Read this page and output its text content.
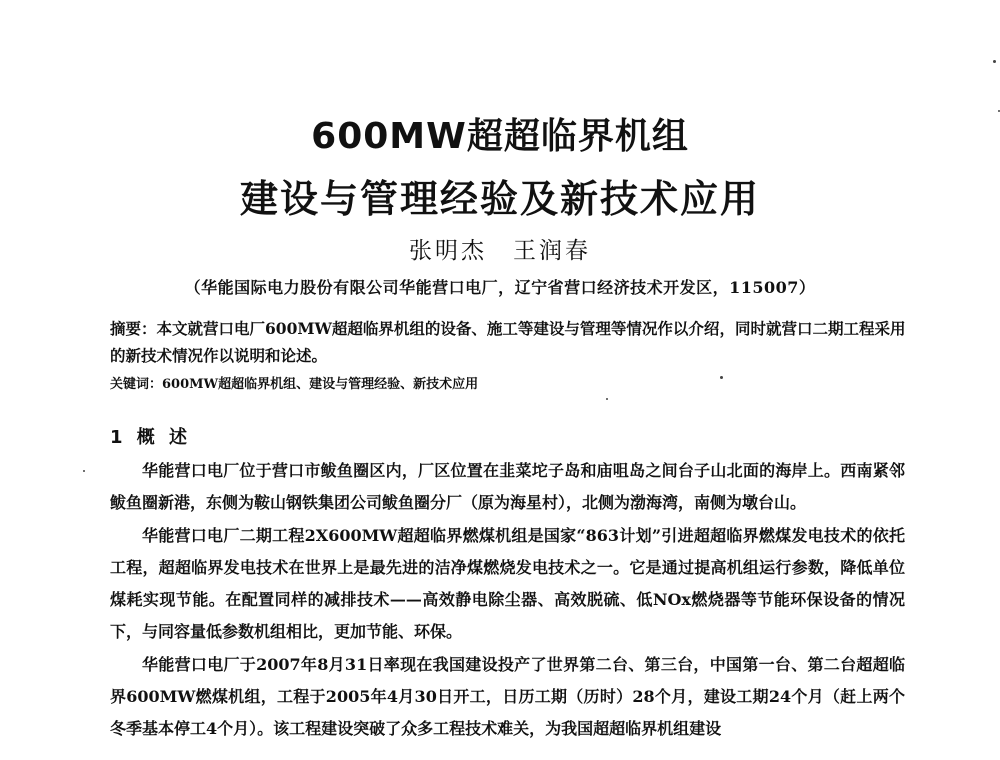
600MW超超临界机组
建设与管理经验及新技术应用
张明杰 王润春
（华能国际电力股份有限公司华能营口电厂，辽宁省营口经济技术开发区，115007）
摘要：本文就营口电厂600MW超超临界机组的设备、施工等建设与管理等情况作以介绍，同时就营口二期工程采用的新技术情况作以说明和论述。
关键词：600MW超超临界机组、建设与管理经验、新技术应用
1 概 述

华能营口电厂位于营口市鲅鱼圈区内，厂区位置在韭菜坨子岛和庙咀岛之间台子山北面的海岸上。西南紧邻鲅鱼圈新港，东侧为鞍山钢铁集团公司鲅鱼圈分厂（原为海星村），北侧为渤海湾，南侧为墩台山。

华能营口电厂二期工程2X600MW超超临界燃煤机组是国家“863计划”引进超超临界燃煤发电技术的依托工程，超超临界发电技术在世界上是最先进的洁净煤燃烧发电技术之一。它是通过提高机组运行参数，降低单位煤耗实现节能。在配置同样的减排技术——高效静电除尘器、高效脱硫、低NOx燃烧器等节能环保设备的情况下，与同容量低参数机组相比，更加节能、环保。

华能营口电厂于2007年8月31日率现在我国建设投产了世界第二台、第三台，中国第一台、第二台超超临界600MW燃煤机组，工程于2005年4月30日开工，日历工期（历时）28个月，建设工期24个月（赶上两个冬季基本停工4个月）。该工程建设突破了众多工程技术难关，为我国超超临界机组建设
